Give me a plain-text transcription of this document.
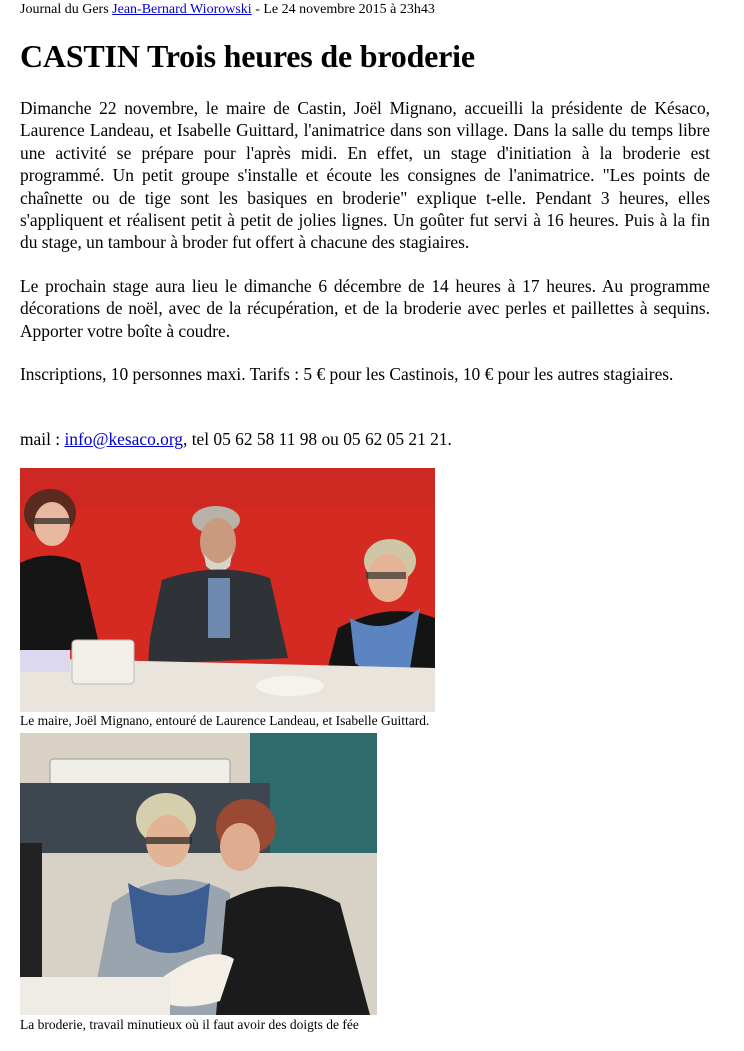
Journal du Gers Jean-Bernard Wiorowski - Le 24 novembre 2015 à 23h43
CASTIN Trois heures de broderie

Dimanche 22 novembre, le maire de Castin, Joël Mignano, accueilli la présidente de Késaco, Laurence Landeau, et Isabelle Guittard, l'animatrice dans son village. Dans la salle du temps libre une activité se prépare pour l'après midi. En effet, un stage d'initiation à la broderie est programmé. Un petit groupe s'installe et écoute les consignes de l'animatrice. "Les points de chaînette ou de tige sont les basiques en broderie" explique t-elle. Pendant 3 heures, elles s'appliquent et réalisent petit à petit de jolies lignes. Un goûter fut servi à 16 heures. Puis à la fin du stage, un tambour à broder fut offert à chacune des stagiaires.

Le prochain stage aura lieu le dimanche 6 décembre de 14 heures à 17 heures. Au programme décorations de noël, avec de la récupération, et de la broderie avec perles et paillettes à sequins. Apporter votre boîte à coudre.

Inscriptions, 10 personnes maxi. Tarifs : 5 € pour les Castinois, 10 € pour les autres stagiaires.

mail : info@kesaco.org, tel 05 62 58 11 98 ou 05 62 05 21 21.

Le maire, Joël Mignano, entouré de Laurence Landeau, et Isabelle Guittard.
La broderie, travail minutieux où il faut avoir des doigts de fée
